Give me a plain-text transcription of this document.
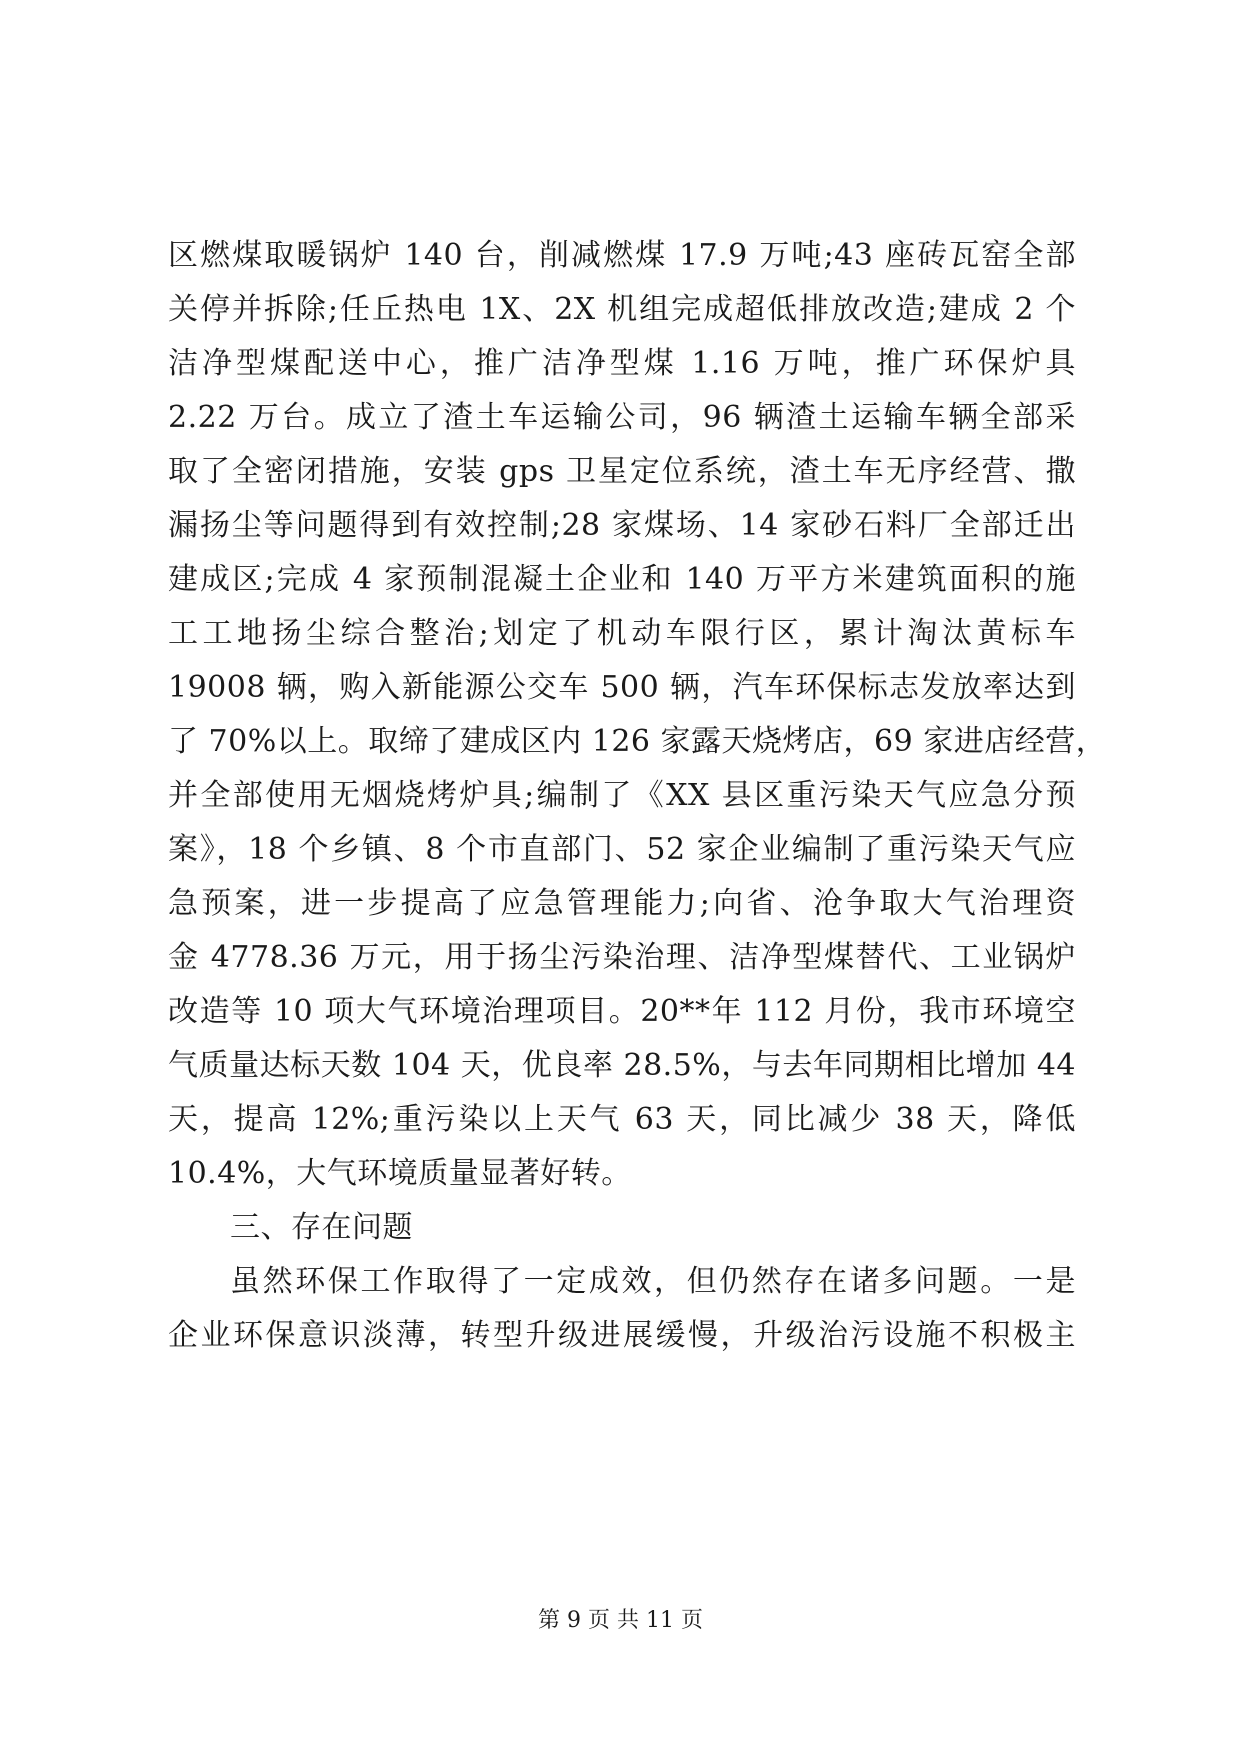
区燃煤取暖锅炉 140 台，削减燃煤 17.9 万吨;43 座砖瓦窑全部
关停并拆除;任丘热电 1X、2X 机组完成超低排放改造;建成 2 个
洁净型煤配送中心，推广洁净型煤 1.16 万吨，推广环保炉具
2.22 万台。成立了渣土车运输公司，96 辆渣土运输车辆全部采
取了全密闭措施，安装 gps 卫星定位系统，渣土车无序经营、撒
漏扬尘等问题得到有效控制;28 家煤场、14 家砂石料厂全部迁出
建成区;完成 4 家预制混凝土企业和 140 万平方米建筑面积的施
工工地扬尘综合整治;划定了机动车限行区，累计淘汰黄标车
19008 辆，购入新能源公交车 500 辆，汽车环保标志发放率达到
了 70%以上。取缔了建成区内 126 家露天烧烤店，69 家进店经营，
并全部使用无烟烧烤炉具;编制了《XX 县区重污染天气应急分预
案》，18 个乡镇、8 个市直部门、52 家企业编制了重污染天气应
急预案，进一步提高了应急管理能力;向省、沧争取大气治理资
金 4778.36 万元，用于扬尘污染治理、洁净型煤替代、工业锅炉
改造等 10 项大气环境治理项目。20**年 112 月份，我市环境空
气质量达标天数 104 天，优良率 28.5%，与去年同期相比增加 44
天，提高 12%;重污染以上天气 63 天，同比减少 38 天，降低
10.4%，大气环境质量显著好转。
三、存在问题
虽然环保工作取得了一定成效，但仍然存在诸多问题。一是
企业环保意识淡薄，转型升级进展缓慢，升级治污设施不积极主
第 9 页 共 11 页
